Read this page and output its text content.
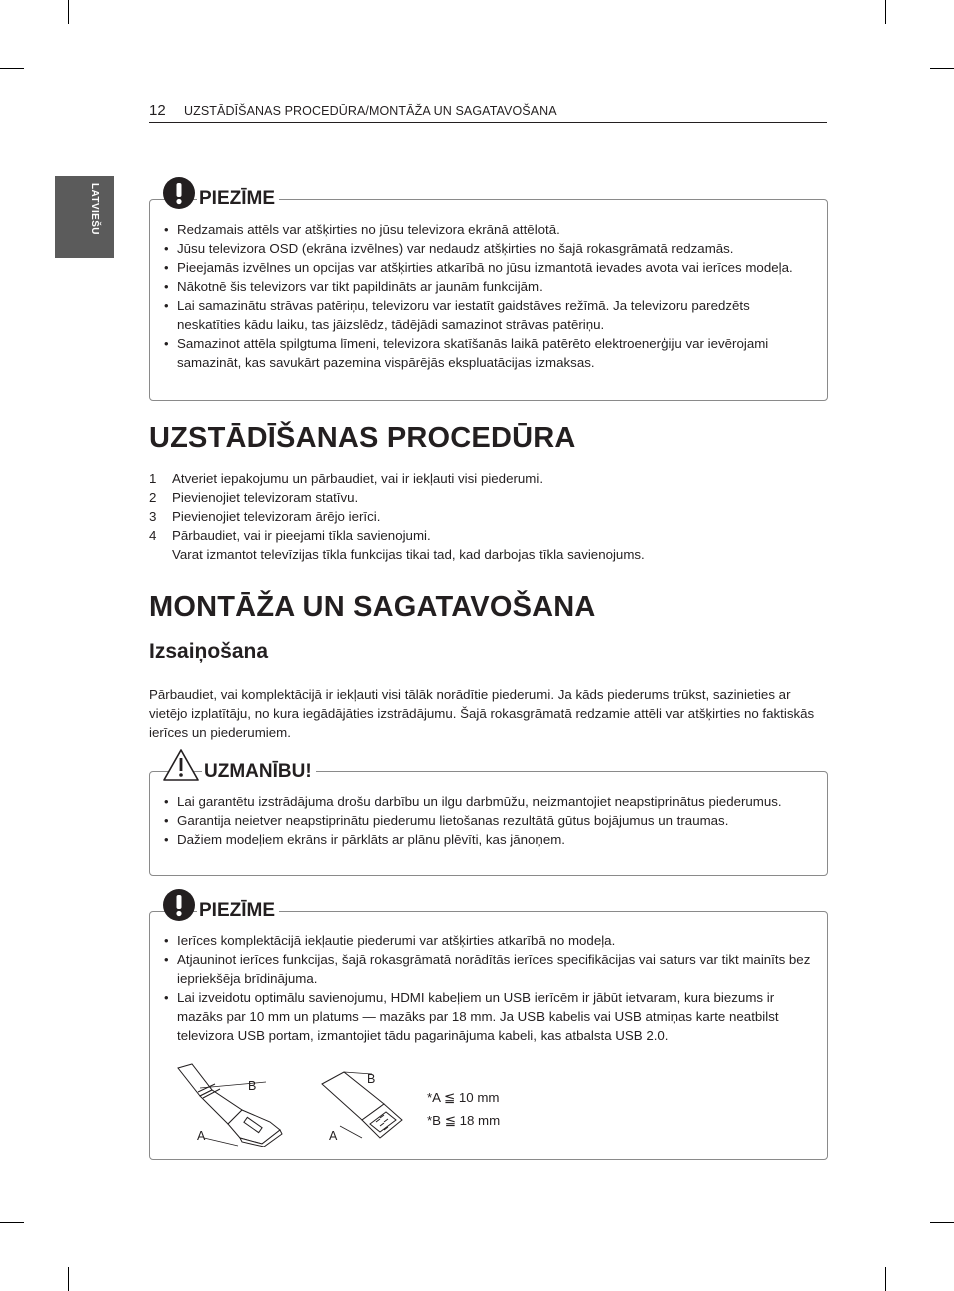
12 UZSTĀDĪŠANAS PROCEDŪRA/MONTĀŽA UN SAGATAVOŠANA
LATVIEŠU
•	Redzamais attēls var atšķirties no jūsu televizora ekrānā attēlotā.
• Jūsu televizora OSD (ekrāna izvēlnes) var nedaudz atšķirties no šajā rokasgrāmatā redzamās.
• Pieejamās izvēlnes un opcijas var atšķirties atkarībā no jūsu izmantotā ievades avota vai ierīces modeļa.
• Nākotnē šis televizors var tikt papildināts ar jaunām funkcijām.
• Lai samazinātu strāvas patēriņu, televizoru var iestatīt gaidstāves režīmā. Ja televizoru paredzēts neskatīties kādu laiku, tas jāizslēdz, tādējādi samazinot strāvas patēriņu.
• Samazinot attēla spilgtuma līmeni, televizora skatīšanās laikā patērēto elektroenerģiju var ievērojami samazināt, kas savukārt pazemina vispārējās ekspluatācijas izmaksas.
PIEZĪME
UZSTĀDĪŠANAS PROCEDŪRA
1 Atveriet iepakojumu un pārbaudiet, vai ir iekļauti visi piederumi.
2 Pievienojiet televizoram statīvu.
3 Pievienojiet televizoram ārējo ierīci.
4 Pārbaudiet, vai ir pieejami tīkla savienojumi.
Varat izmantot televīzijas tīkla funkcijas tikai tad, kad darbojas tīkla savienojums.
MONTĀŽA UN SAGATAVOŠANA
Izsaiņošana

Pārbaudiet, vai komplektācijā ir iekļauti visi tālāk norādītie piederumi. Ja kāds piederums trūkst, sazinieties ar vietējo izplatītāju, no kura iegādājāties izstrādājumu. Šajā rokasgrāmatā redzamie attēli var atšķirties no faktiskās ierīces un piederumiem.

• Lai garantētu izstrādājuma drošu darbību un ilgu darbmūžu, neizmantojiet neapstiprinātus piederumus.
• Garantija neietver neapstiprinātu piederumu lietošanas rezultātā gūtus bojājumus un traumas.
• Dažiem modeļiem ekrāns ir pārklāts ar plānu plēvīti, kas jānoņem.
UZMANĪBU!
• Ierīces komplektācijā iekļautie piederumi var atšķirties atkarībā no modeļa.
• Atjauninot ierīces funkcijas, šajā rokasgrāmatā norādītās ierīces specifikācijas vai saturs var tikt mainīts bez iepriekšēja brīdinājuma.
• Lai izveidotu optimālu savienojumu, HDMI kabeļiem un USB ierīcēm ir jābūt ietvaram, kura biezums ir mazāks par 10 mm un platums — mazāks par 18 mm. Ja USB kabelis vai USB atmiņas karte neatbilst televizora USB portam, izmantojiet tādu pagarinājuma kabeli, kas atbalsta USB 2.0.
PIEZĪME
B
A
B
A
*A ≦ 10 mm
*B ≦ 18 mm
